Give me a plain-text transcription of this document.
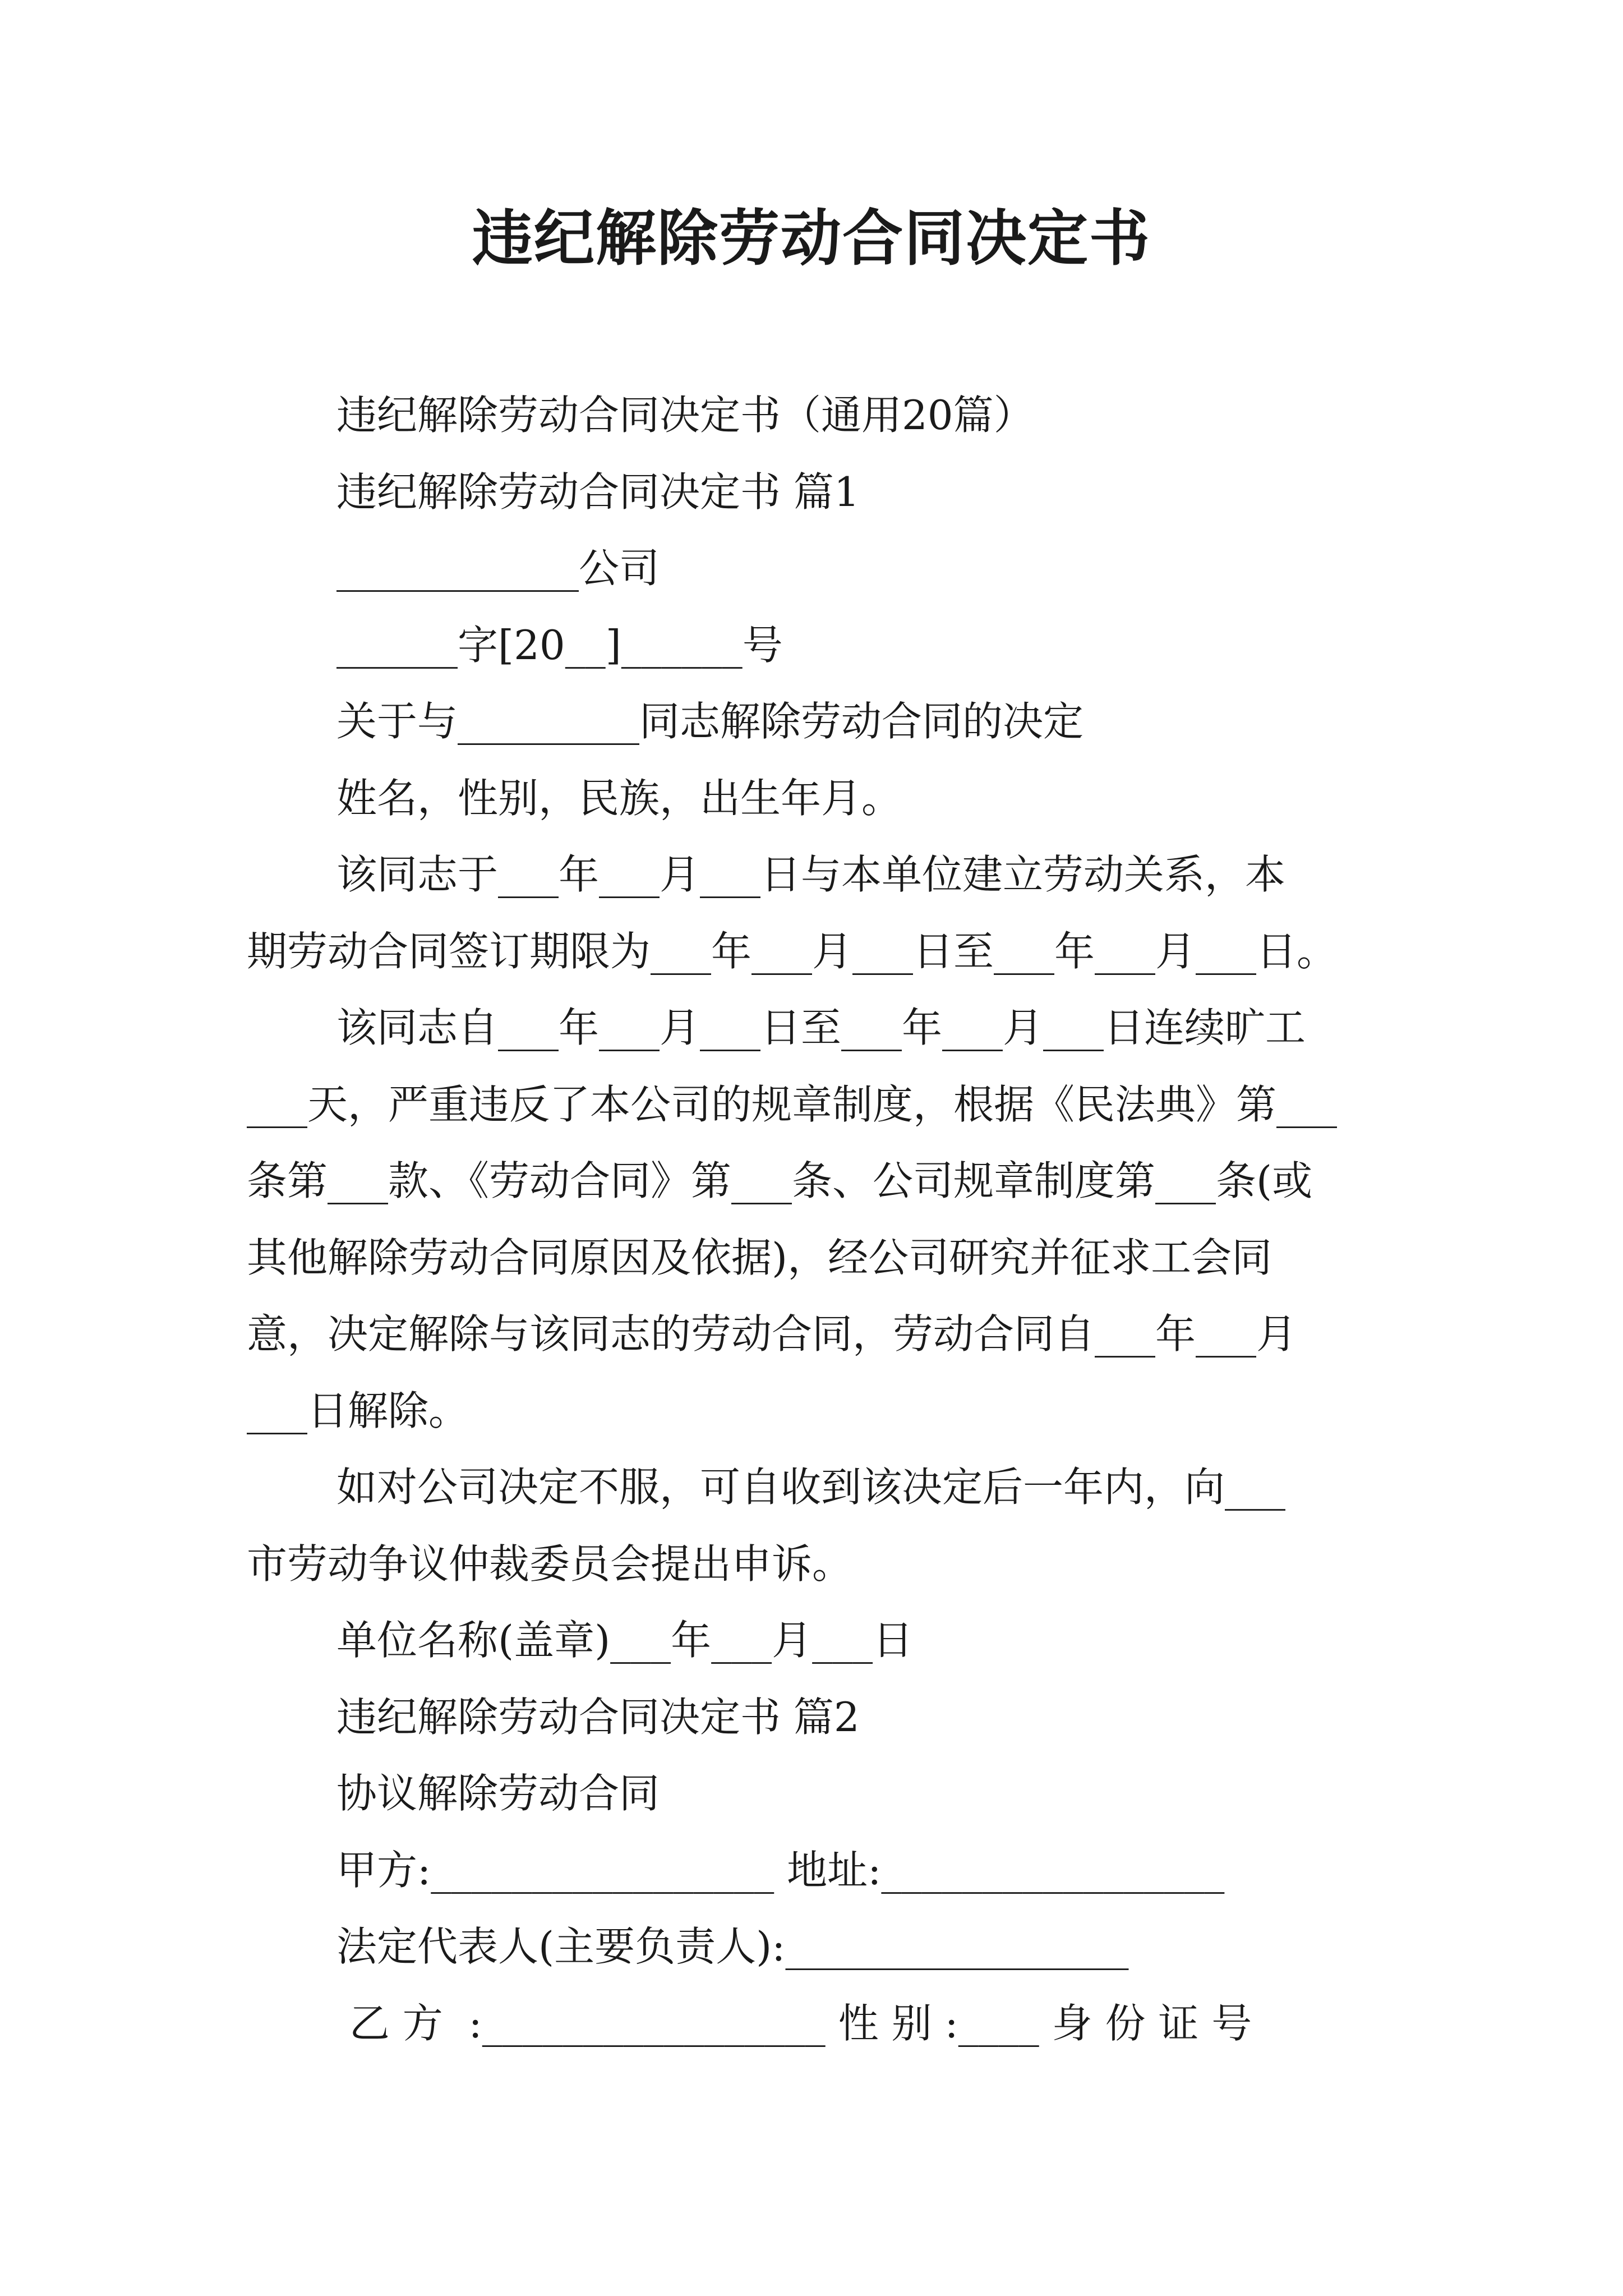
违纪解除劳动合同决定书

违纪解除劳动合同决定书（通用20篇）

违纪解除劳动合同决定书 篇1

____________公司

______字[20__]______号

关于与_________同志解除劳动合同的决定

姓名，性别，民族，出生年月。

该同志于___年___月___日与本单位建立劳动关系，本

期劳动合同签订期限为___年___月___日至___年___月___日。

该同志自___年___月___日至___年___月___日连续旷工

___天，严重违反了本公司的规章制度，根据《民法典》第___

条第___款、《劳动合同》第___条、公司规章制度第___条(或

其他解除劳动合同原因及依据)，经公司研究并征求工会同

意，决定解除与该同志的劳动合同，劳动合同自___年___月

___日解除。

如对公司决定不服，可自收到该决定后一年内，向___

市劳动争议仲裁委员会提出申诉。

单位名称(盖章)___年___月___日

违纪解除劳动合同决定书 篇2

协议解除劳动合同

甲方:_________________ 地址:_________________

法定代表人(主要负责人):_________________

乙 方  :_________________ 性 别 :____ 身 份 证 号
